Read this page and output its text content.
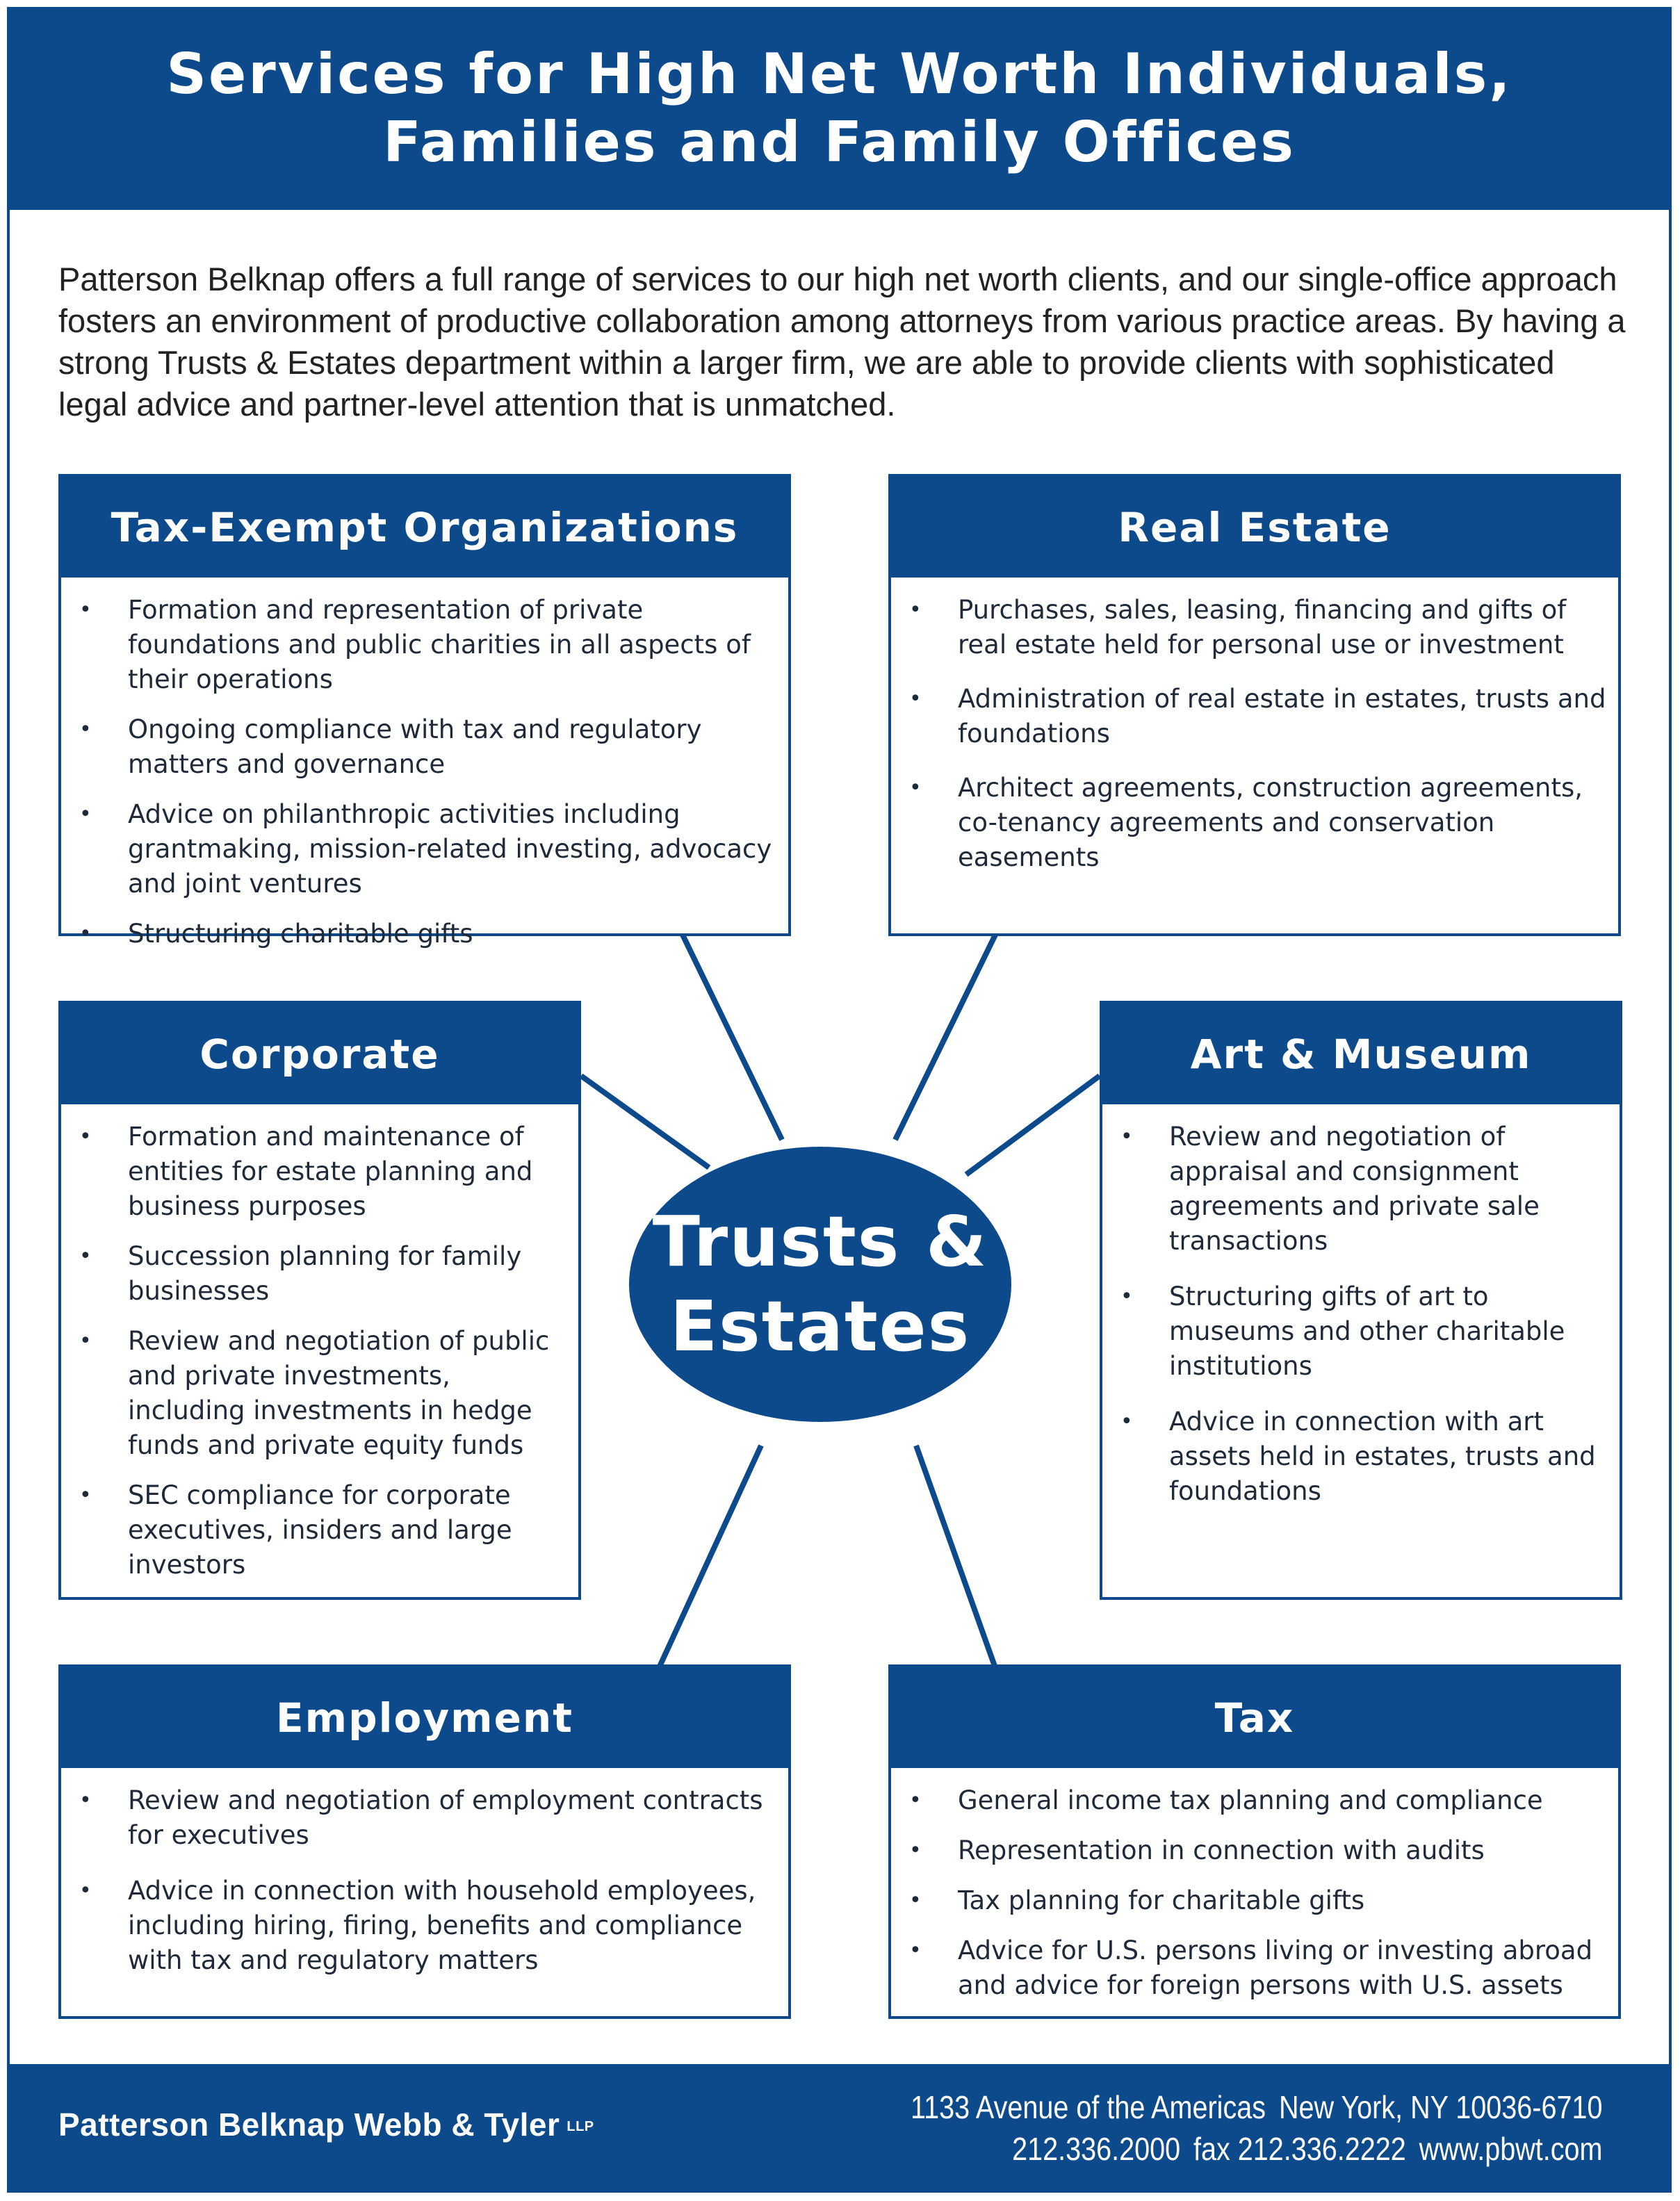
Services for High Net Worth Individuals,
Families and Family Offices
Patterson Belknap offers a full range of services to our high net worth clients, and our single-office approach fosters an environment of productive collaboration among attorneys from various practice areas. By having a strong Trusts & Estates department within a larger firm, we are able to provide clients with sophisticated legal advice and partner-level attention that is unmatched.
Trusts &
Estates
Tax-Exempt Organizations
• Formation and representation of private foundations and public charities in all aspects of their operations
• Ongoing compliance with tax and regulatory matters and governance
• Advice on philanthropic activities including grantmaking, mission-related investing, advocacy and joint ventures
• Structuring charitable gifts
Real Estate
• Purchases, sales, leasing, financing and gifts of real estate held for personal use or investment
• Administration of real estate in estates, trusts and foundations
• Architect agreements, construction agreements, co-tenancy agreements and conservation easements
Corporate
• Formation and maintenance of entities for estate planning and business purposes
• Succession planning for family businesses
• Review and negotiation of public and private investments, including investments in hedge funds and private equity funds
• SEC compliance for corporate executives, insiders and large investors
Art & Museum
• Review and negotiation of appraisal and consignment agreements and private sale transactions
• Structuring gifts of art to museums and other charitable institutions
• Advice in connection with art assets held in estates, trusts and foundations
Employment
• Review and negotiation of employment contracts for executives
• Advice in connection with household employees, including hiring, firing, benefits and compliance with tax and regulatory matters
Tax
• General income tax planning and compliance
• Representation in connection with audits
• Tax planning for charitable gifts
• Advice for U.S. persons living or investing abroad and advice for foreign persons with U.S. assets
Patterson Belknap Webb & Tyler LLP
1133 Avenue of the Americas New York, NY 10036-6710
212.336.2000 fax 212.336.2222 www.pbwt.com
